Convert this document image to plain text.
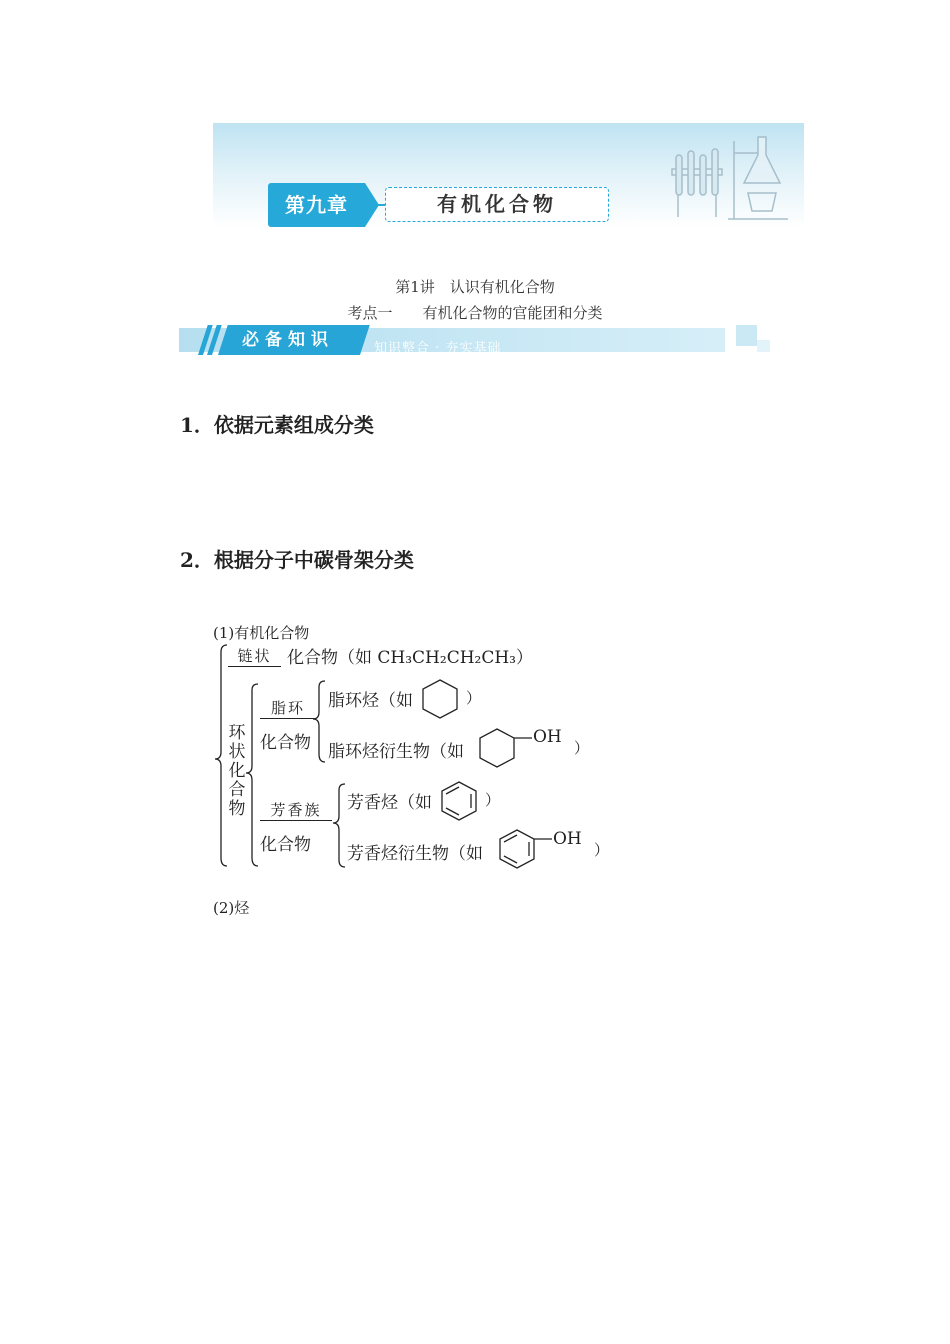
第九章	有机化合物
第1讲　认识有机化合物
考点一　　有机化合物的官能团和分类
必备知识	知识整合 · 夯实基础
1．依据元素组成分类
2．根据分子中碳骨架分类
(1)有机化合物
链状 化合物（如 CH₃CH₂CH₂CH₃）
环
状
化
合
物
脂环
化合物
脂环烃（如	）
脂环烃衍生物（如
OH
）
芳香族
化合物
芳香烃（如	）
芳香烃衍生物（如
OH
）
(2)烃
